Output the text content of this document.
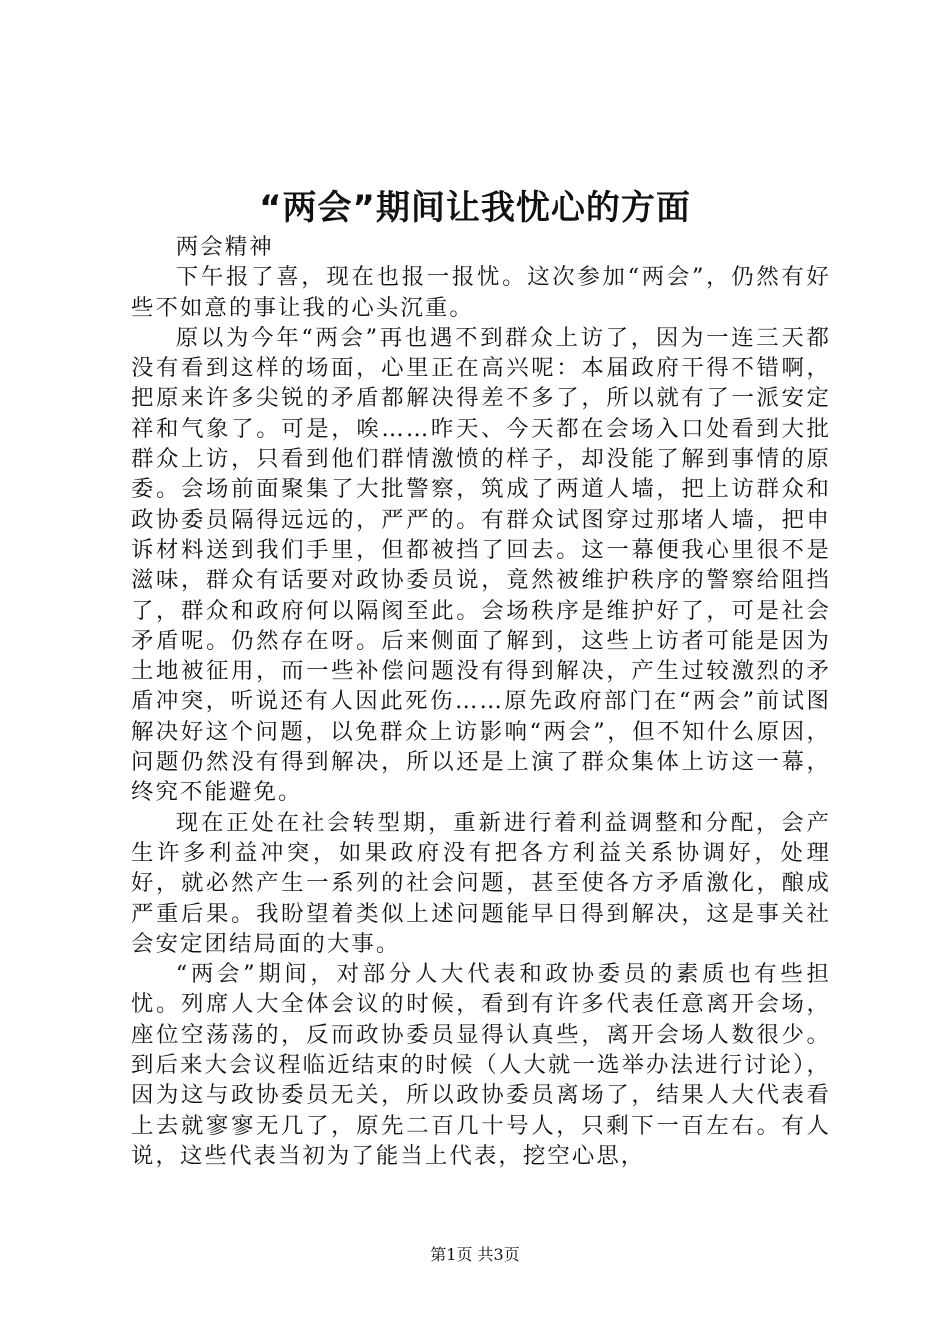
“两会”期间让我忧心的方面

两会精神

下午报了喜，现在也报一报忧。这次参加“两会”，仍然有好些不如意的事让我的心头沉重。

原以为今年“两会”再也遇不到群众上访了，因为一连三天都没有看到这样的场面，心里正在高兴呢：本届政府干得不错啊，把原来许多尖锐的矛盾都解决得差不多了，所以就有了一派安定祥和气象了。可是，唉……昨天、今天都在会场入口处看到大批群众上访，只看到他们群情激愤的样子，却没能了解到事情的原委。会场前面聚集了大批警察，筑成了两道人墙，把上访群众和政协委员隔得远远的，严严的。有群众试图穿过那堵人墙，把申诉材料送到我们手里，但都被挡了回去。这一幕便我心里很不是滋味，群众有话要对政协委员说，竟然被维护秩序的警察给阻挡了，群众和政府何以隔阂至此。会场秩序是维护好了，可是社会矛盾呢。仍然存在呀。后来侧面了解到，这些上访者可能是因为土地被征用，而一些补偿问题没有得到解决，产生过较激烈的矛盾冲突，听说还有人因此死伤……原先政府部门在“两会”前试图解决好这个问题，以免群众上访影响“两会”，但不知什么原因，问题仍然没有得到解决，所以还是上演了群众集体上访这一幕，终究不能避免。

现在正处在社会转型期，重新进行着利益调整和分配，会产生许多利益冲突，如果政府没有把各方利益关系协调好，处理好，就必然产生一系列的社会问题，甚至使各方矛盾激化，酿成严重后果。我盼望着类似上述问题能早日得到解决，这是事关社会安定团结局面的大事。

“两会”期间，对部分人大代表和政协委员的素质也有些担忧。列席人大全体会议的时候，看到有许多代表任意离开会场，座位空荡荡的，反而政协委员显得认真些，离开会场人数很少。到后来大会议程临近结束的时候（人大就一选举办法进行讨论），因为这与政协委员无关，所以政协委员离场了，结果人大代表看上去就寥寥无几了，原先二百几十号人，只剩下一百左右。有人说，这些代表当初为了能当上代表，挖空心思，

第1页 共3页
